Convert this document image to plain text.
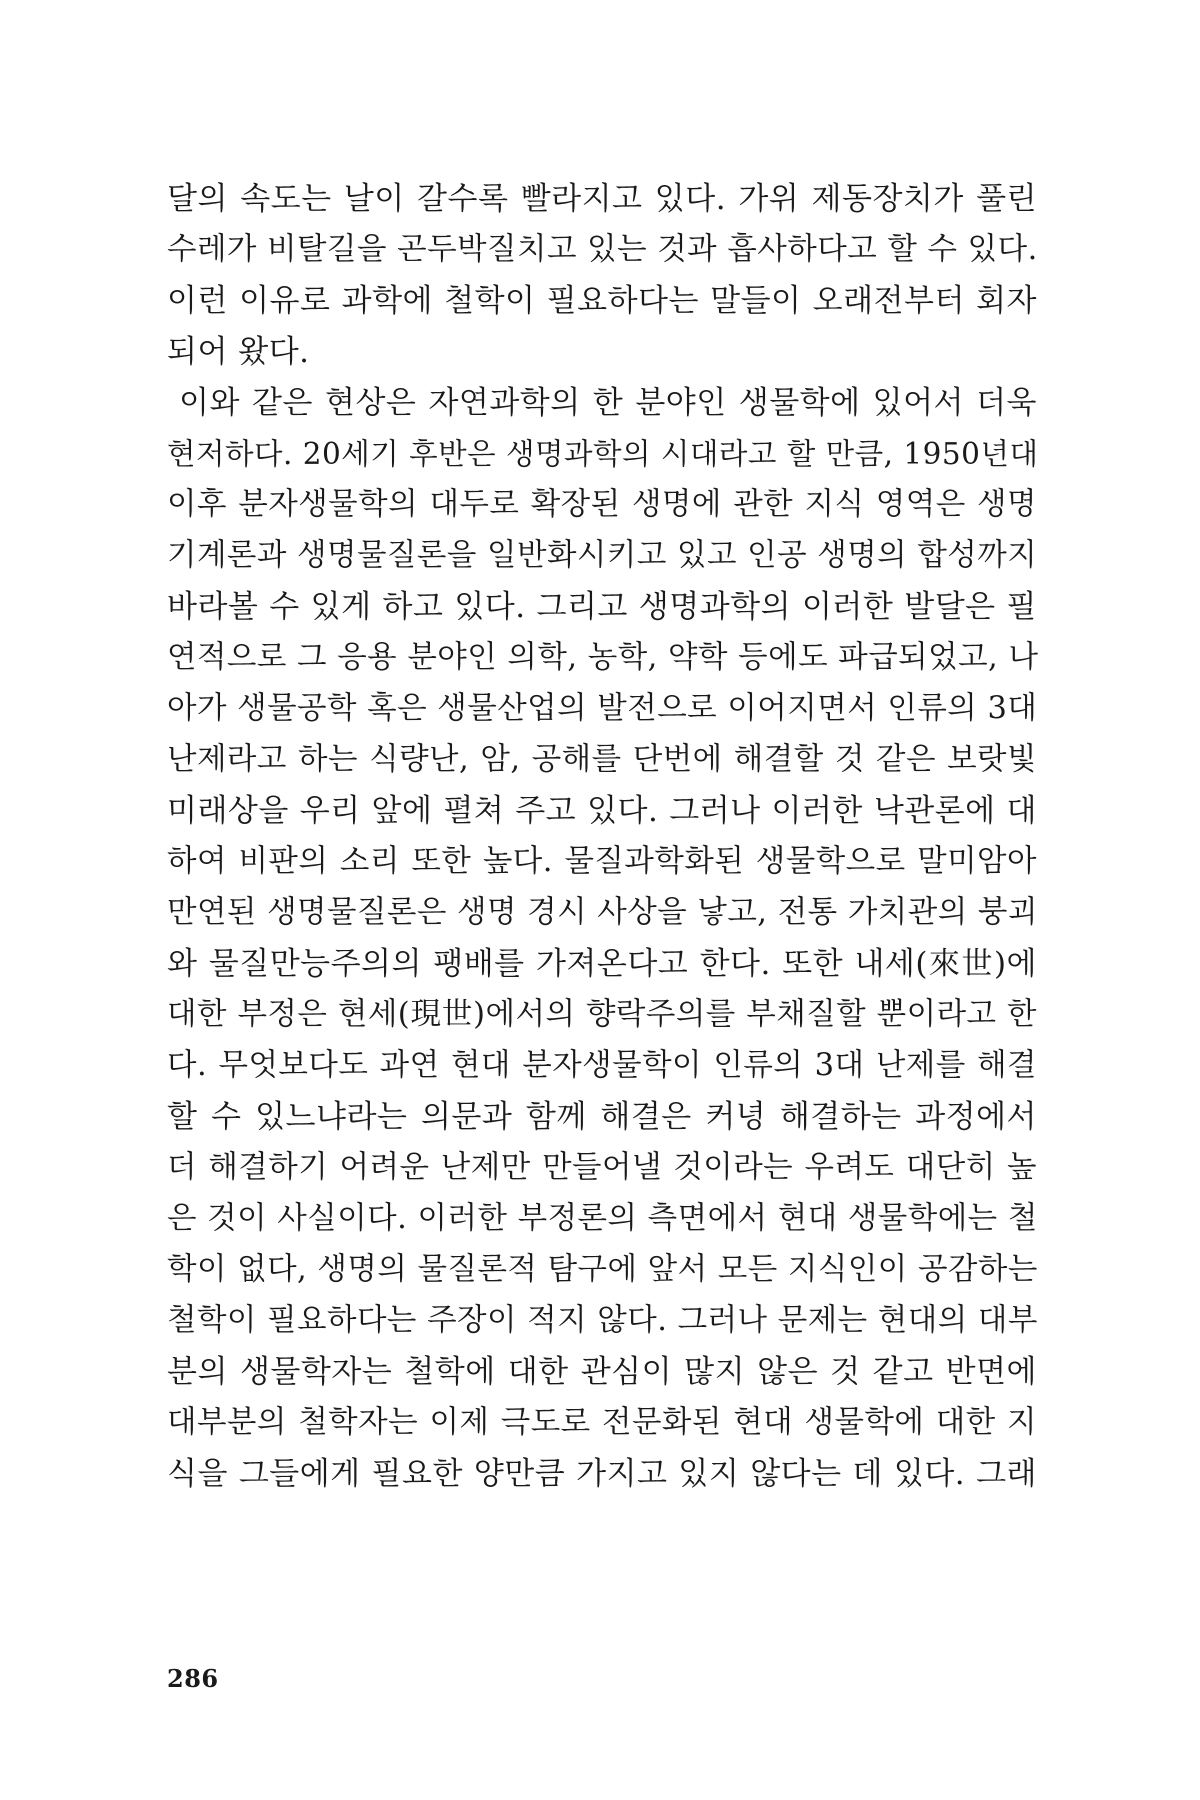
달의 속도는 날이 갈수록 빨라지고 있다. 가위 제동장치가 풀린
수레가 비탈길을 곤두박질치고 있는 것과 흡사하다고 할 수 있다.
이런 이유로 과학에 철학이 필요하다는 말들이 오래전부터 회자
되어 왔다.
이와 같은 현상은 자연과학의 한 분야인 생물학에 있어서 더욱
현저하다. 20세기 후반은 생명과학의 시대라고 할 만큼, 1950년대
이후 분자생물학의 대두로 확장된 생명에 관한 지식 영역은 생명
기계론과 생명물질론을 일반화시키고 있고 인공 생명의 합성까지
바라볼 수 있게 하고 있다. 그리고 생명과학의 이러한 발달은 필
연적으로 그 응용 분야인 의학, 농학, 약학 등에도 파급되었고, 나
아가 생물공학 혹은 생물산업의 발전으로 이어지면서 인류의 3대
난제라고 하는 식량난, 암, 공해를 단번에 해결할 것 같은 보랏빛
미래상을 우리 앞에 펼쳐 주고 있다. 그러나 이러한 낙관론에 대
하여 비판의 소리 또한 높다. 물질과학화된 생물학으로 말미암아
만연된 생명물질론은 생명 경시 사상을 낳고, 전통 가치관의 붕괴
와 물질만능주의의 팽배를 가져온다고 한다. 또한 내세(來世)에
대한 부정은 현세(現世)에서의 향락주의를 부채질할 뿐이라고 한
다. 무엇보다도 과연 현대 분자생물학이 인류의 3대 난제를 해결
할 수 있느냐라는 의문과 함께 해결은 커녕 해결하는 과정에서
더 해결하기 어려운 난제만 만들어낼 것이라는 우려도 대단히 높
은 것이 사실이다. 이러한 부정론의 측면에서 현대 생물학에는 철
학이 없다, 생명의 물질론적 탐구에 앞서 모든 지식인이 공감하는
철학이 필요하다는 주장이 적지 않다. 그러나 문제는 현대의 대부
분의 생물학자는 철학에 대한 관심이 많지 않은 것 같고 반면에
대부분의 철학자는 이제 극도로 전문화된 현대 생물학에 대한 지
식을 그들에게 필요한 양만큼 가지고 있지 않다는 데 있다. 그래
286
